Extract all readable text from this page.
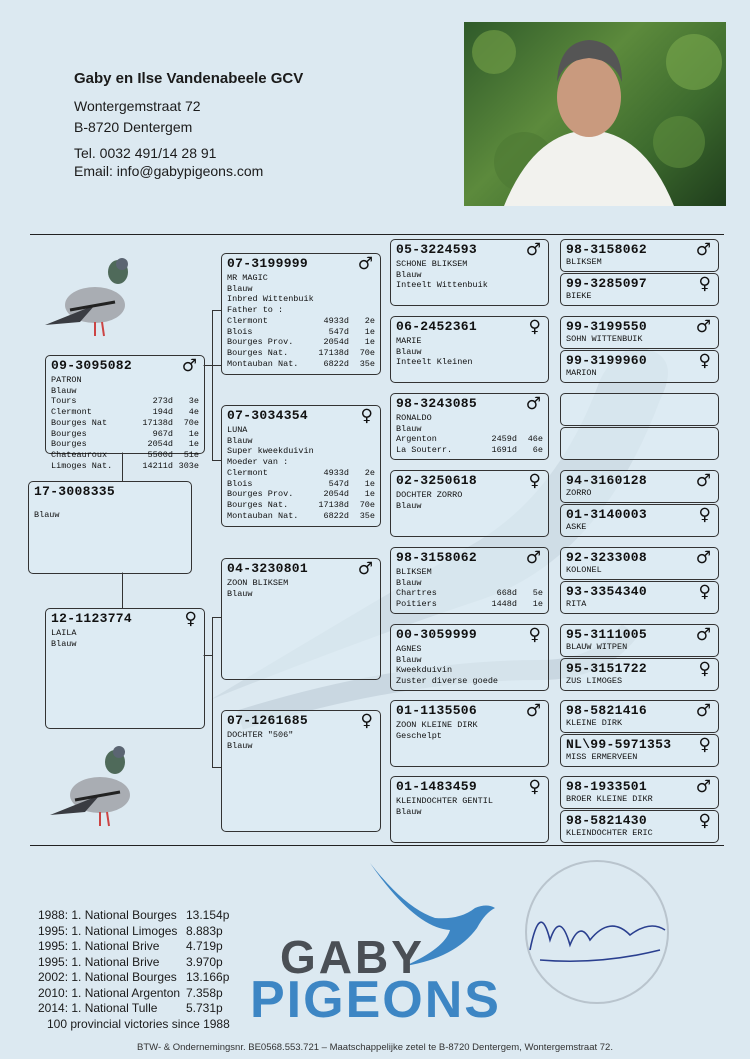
Gaby en Ilse Vandenabeele GCV
Wontergemstraat 72
B-8720 Dentergem
Tel. 0032 491/14 28 91
Email: info@gabypigeons.com
17-3008335
Blauw
09-3095082	♂
PATRON
Blauw
Tours	273d	3e
Clermont	194d	4e
Bourges Nat	17138d	70e
Bourges	967d	1e
Bourges	2054d	1e
Chateauroux	5500d	51e
Limoges Nat.	14211d 303e
12-1123774	♀
LAILA
Blauw
07-3199999	♂
MR MAGIC
Blauw
Inbred Wittenbuik
Father to :
Clermont	4933d	2e
Blois	547d	1e
Bourges Prov.	2054d	1e
Bourges Nat.	17138d	70e
Montauban Nat.	6822d	35e
07-3034354	♀
LUNA
Blauw
Super kweekduivin
Moeder van :
Clermont	4933d	2e
Blois	547d	1e
Bourges Prov.	2054d	1e
Bourges Nat.	17138d	70e
Montauban Nat.	6822d	35e
04-3230801	♂
ZOON BLIKSEM
Blauw
07-1261685	♀
DOCHTER "506"
Blauw
05-3224593	♂
SCHONE BLIKSEM
Blauw
Inteelt Wittenbuik
06-2452361	♀
MARIE
Blauw
Inteelt Kleinen
98-3243085	♂
RONALDO
Blauw
Argenton	2459d	46e
La Souterr.	1691d	6e
02-3250618	♀
DOCHTER ZORRO
Blauw
98-3158062	♂
BLIKSEM
Blauw
Chartres	668d	5e
Poitiers	1448d	1e
00-3059999	♀
AGNES
Blauw
Kweekduivin
Zuster diverse goede
01-1135506	♂
ZOON KLEINE DIRK
Geschelpt
01-1483459	♀
KLEINDOCHTER GENTIL
Blauw
98-3158062	♂
BLIKSEM
99-3285097	♀
BIEKE
99-3199550	♂
SOHN WITTENBUIK
99-3199960	♀
MARION
94-3160128	♂
ZORRO
01-3140003	♀
ASKE
92-3233008	♂
KOLONEL
93-3354340	♀
RITA
95-3111005	♂
BLAUW WITPEN
95-3151722	♀
ZUS LIMOGES
98-5821416	♂
KLEINE DIRK
NL\99-5971353 ♀
MISS ERMERVEEN
98-1933501	♂
BROER KLEINE DIKR
98-5821430	♀
KLEINDOCHTER ERIC
1988: 1. National Bourges 13.154p
1995: 1. National Limoges 8.883p
1995: 1. National Brive	4.719p
1995: 1. National Brive	3.970p
2002: 1. National Bourges 13.166p
2010: 1. National Argenton 7.358p
2014: 1. National Tulle	5.731p
100 provincial victories since 1988
GABY
PIGEONS
BTW- & Ondernemingsnr. BE0568.553.721 – Maatschappelijke zetel te B-8720 Dentergem, Wontergemstraat 72.
